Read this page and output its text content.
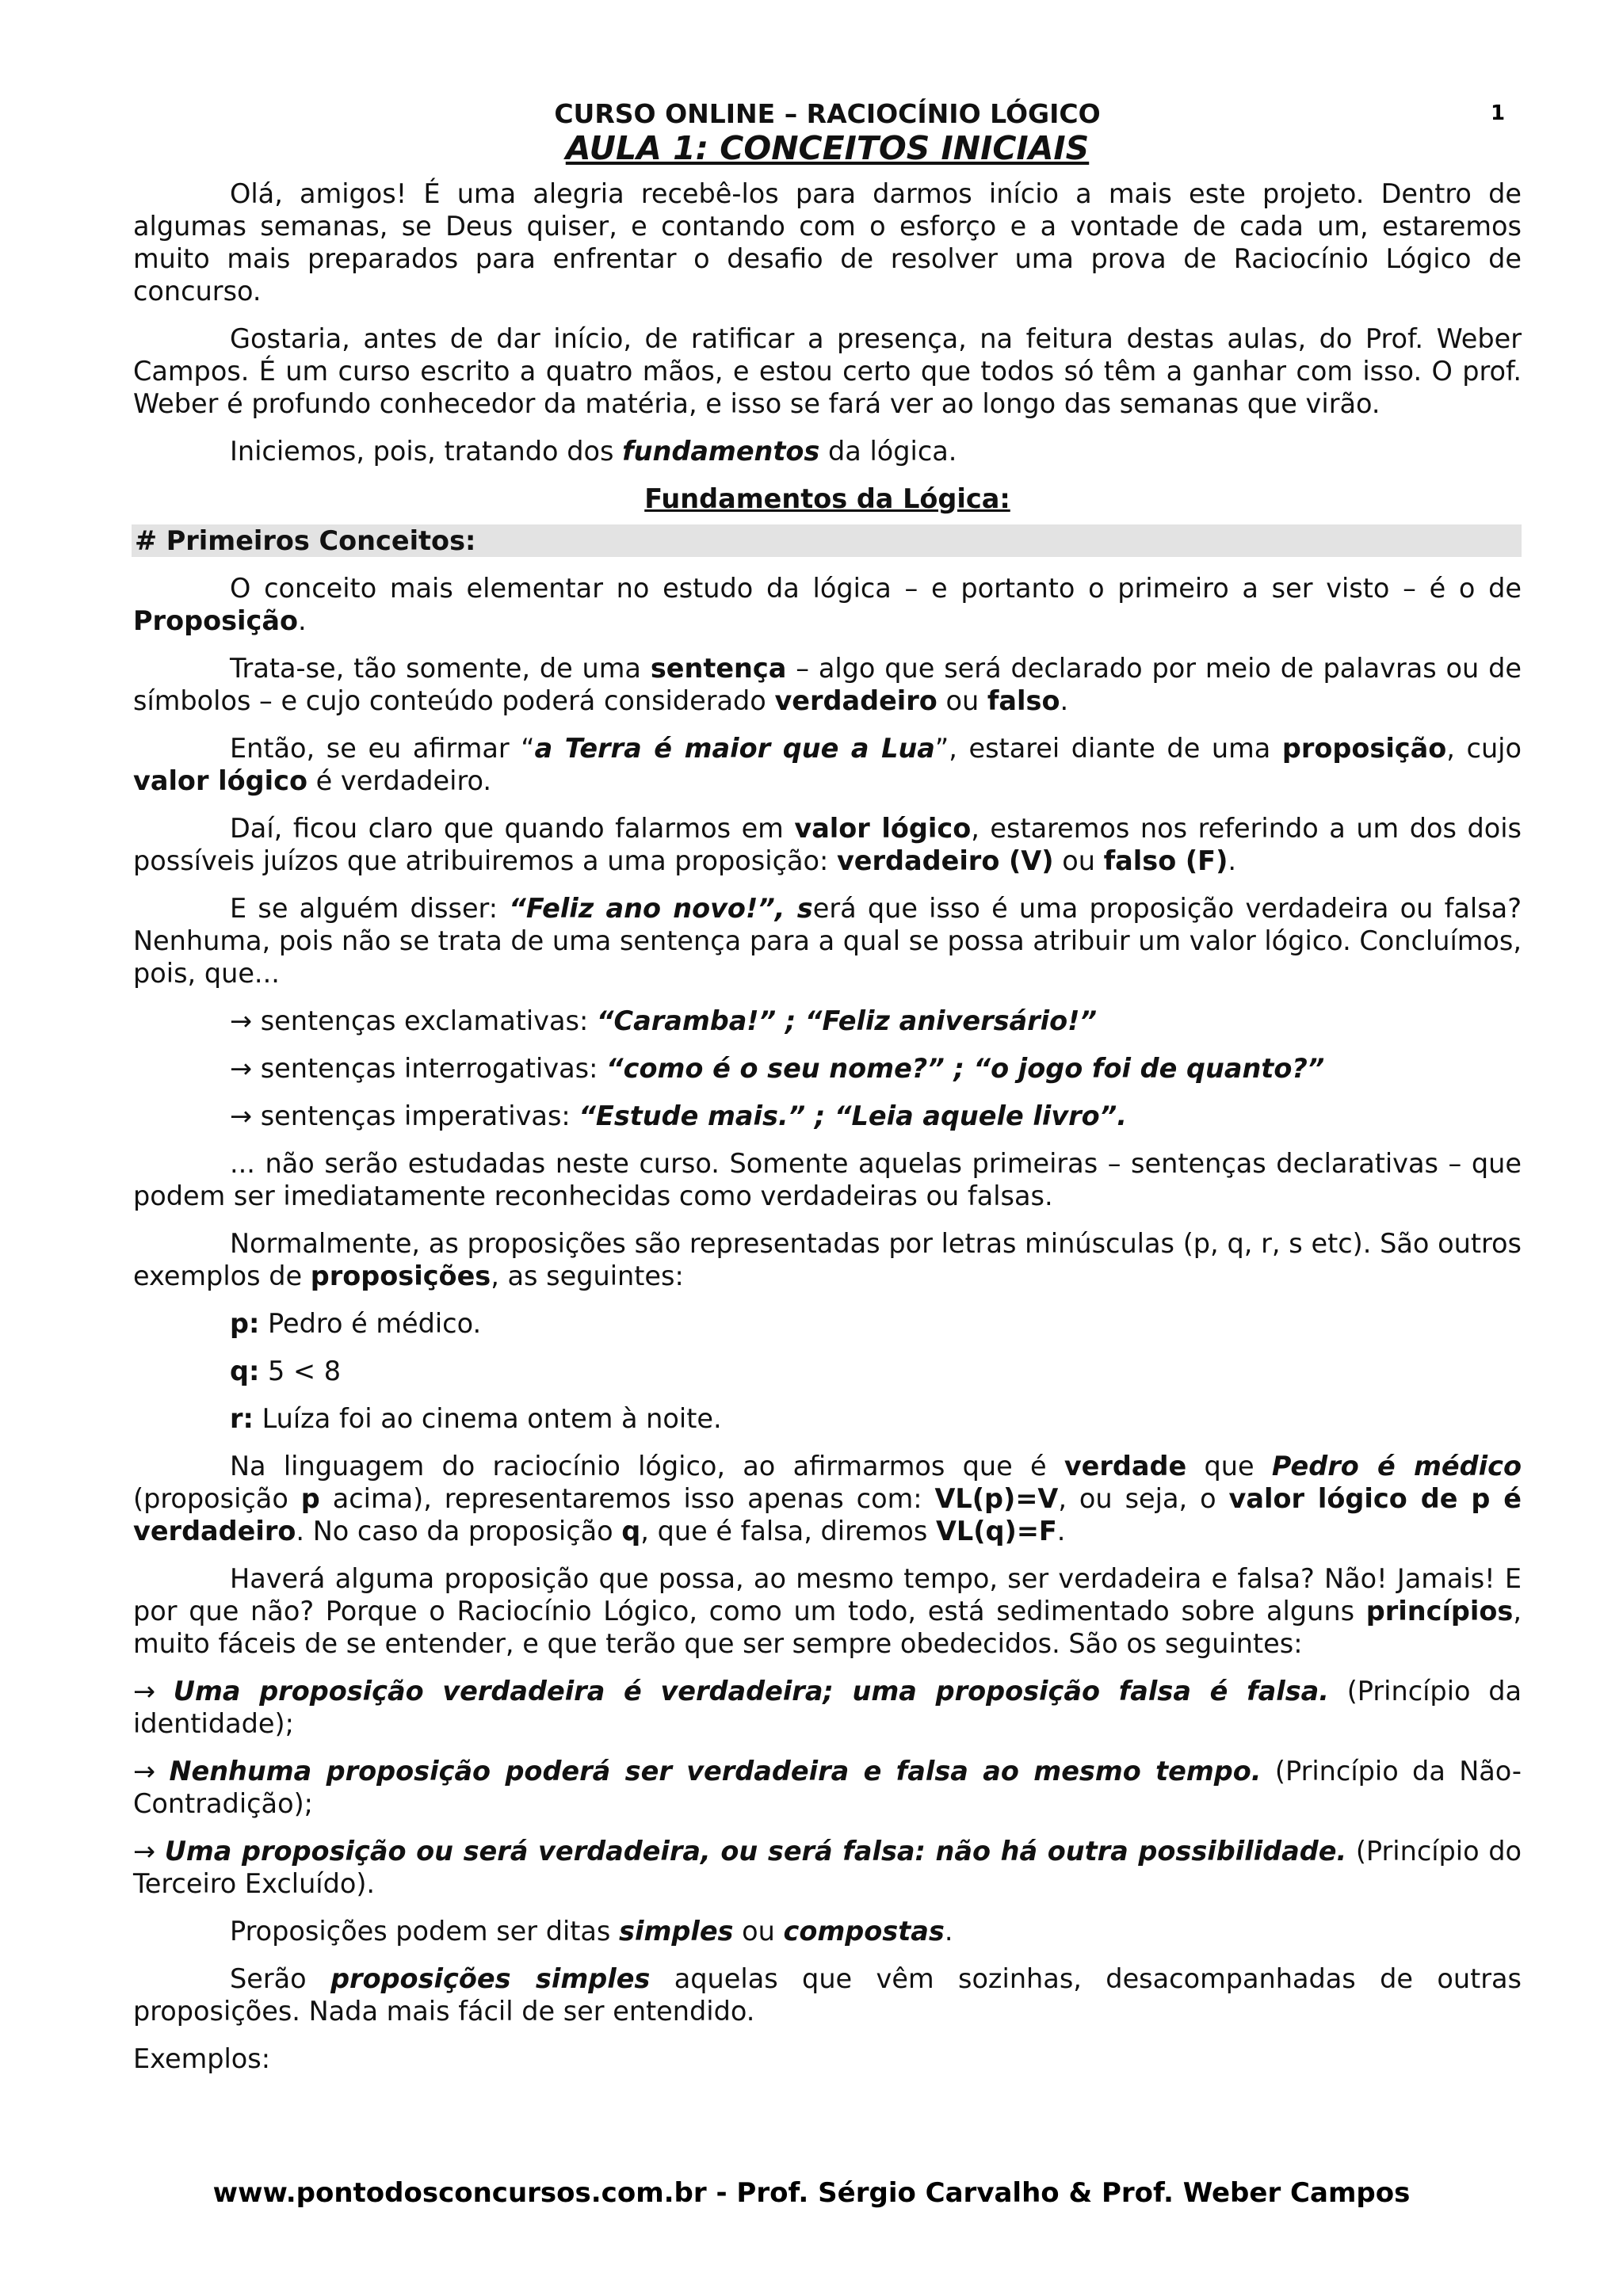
1
CURSO ONLINE – RACIOCÍNIO LÓGICO
AULA 1: CONCEITOS INICIAIS

Olá, amigos! É uma alegria recebê-los para darmos início a mais este projeto. Dentro de algumas semanas, se Deus quiser, e contando com o esforço e a vontade de cada um, estaremos muito mais preparados para enfrentar o desafio de resolver uma prova de Raciocínio Lógico de concurso.

Gostaria, antes de dar início, de ratificar a presença, na feitura destas aulas, do Prof. Weber Campos. É um curso escrito a quatro mãos, e estou certo que todos só têm a ganhar com isso. O prof. Weber é profundo conhecedor da matéria, e isso se fará ver ao longo das semanas que virão.

Iniciemos, pois, tratando dos fundamentos da lógica.

Fundamentos da Lógica:
# Primeiros Conceitos:

O conceito mais elementar no estudo da lógica – e portanto o primeiro a ser visto – é o de Proposição.

Trata-se, tão somente, de uma sentença – algo que será declarado por meio de palavras ou de símbolos – e cujo conteúdo poderá considerado verdadeiro ou falso.

Então, se eu afirmar “a Terra é maior que a Lua”, estarei diante de uma proposição, cujo valor lógico é verdadeiro.

Daí, ficou claro que quando falarmos em valor lógico, estaremos nos referindo a um dos dois possíveis juízos que atribuiremos a uma proposição: verdadeiro (V) ou falso (F).

E se alguém disser: “Feliz ano novo!”, será que isso é uma proposição verdadeira ou falsa? Nenhuma, pois não se trata de uma sentença para a qual se possa atribuir um valor lógico. Concluímos, pois, que...

→ sentenças exclamativas: “Caramba!” ; “Feliz aniversário!”

→ sentenças interrogativas: “como é o seu nome?” ; “o jogo foi de quanto?”

→ sentenças imperativas: “Estude mais.” ; “Leia aquele livro”.

... não serão estudadas neste curso. Somente aquelas primeiras – sentenças declarativas – que podem ser imediatamente reconhecidas como verdadeiras ou falsas.

Normalmente, as proposições são representadas por letras minúsculas (p, q, r, s etc). São outros exemplos de proposições, as seguintes:

p: Pedro é médico.

q: 5 < 8

r: Luíza foi ao cinema ontem à noite.

Na linguagem do raciocínio lógico, ao afirmarmos que é verdade que Pedro é médico (proposição p acima), representaremos isso apenas com: VL(p)=V, ou seja, o valor lógico de p é verdadeiro. No caso da proposição q, que é falsa, diremos VL(q)=F.

Haverá alguma proposição que possa, ao mesmo tempo, ser verdadeira e falsa? Não! Jamais! E por que não? Porque o Raciocínio Lógico, como um todo, está sedimentado sobre alguns princípios, muito fáceis de se entender, e que terão que ser sempre obedecidos. São os seguintes:

→ Uma proposição verdadeira é verdadeira; uma proposição falsa é falsa. (Princípio da identidade);

→ Nenhuma proposição poderá ser verdadeira e falsa ao mesmo tempo. (Princípio da Não-Contradição);

→ Uma proposição ou será verdadeira, ou será falsa: não há outra possibilidade. (Princípio do Terceiro Excluído).

Proposições podem ser ditas simples ou compostas.

Serão proposições simples aquelas que vêm sozinhas, desacompanhadas de outras proposições. Nada mais fácil de ser entendido.

Exemplos:

www.pontodosconcursos.com.br - Prof. Sérgio Carvalho & Prof. Weber Campos
